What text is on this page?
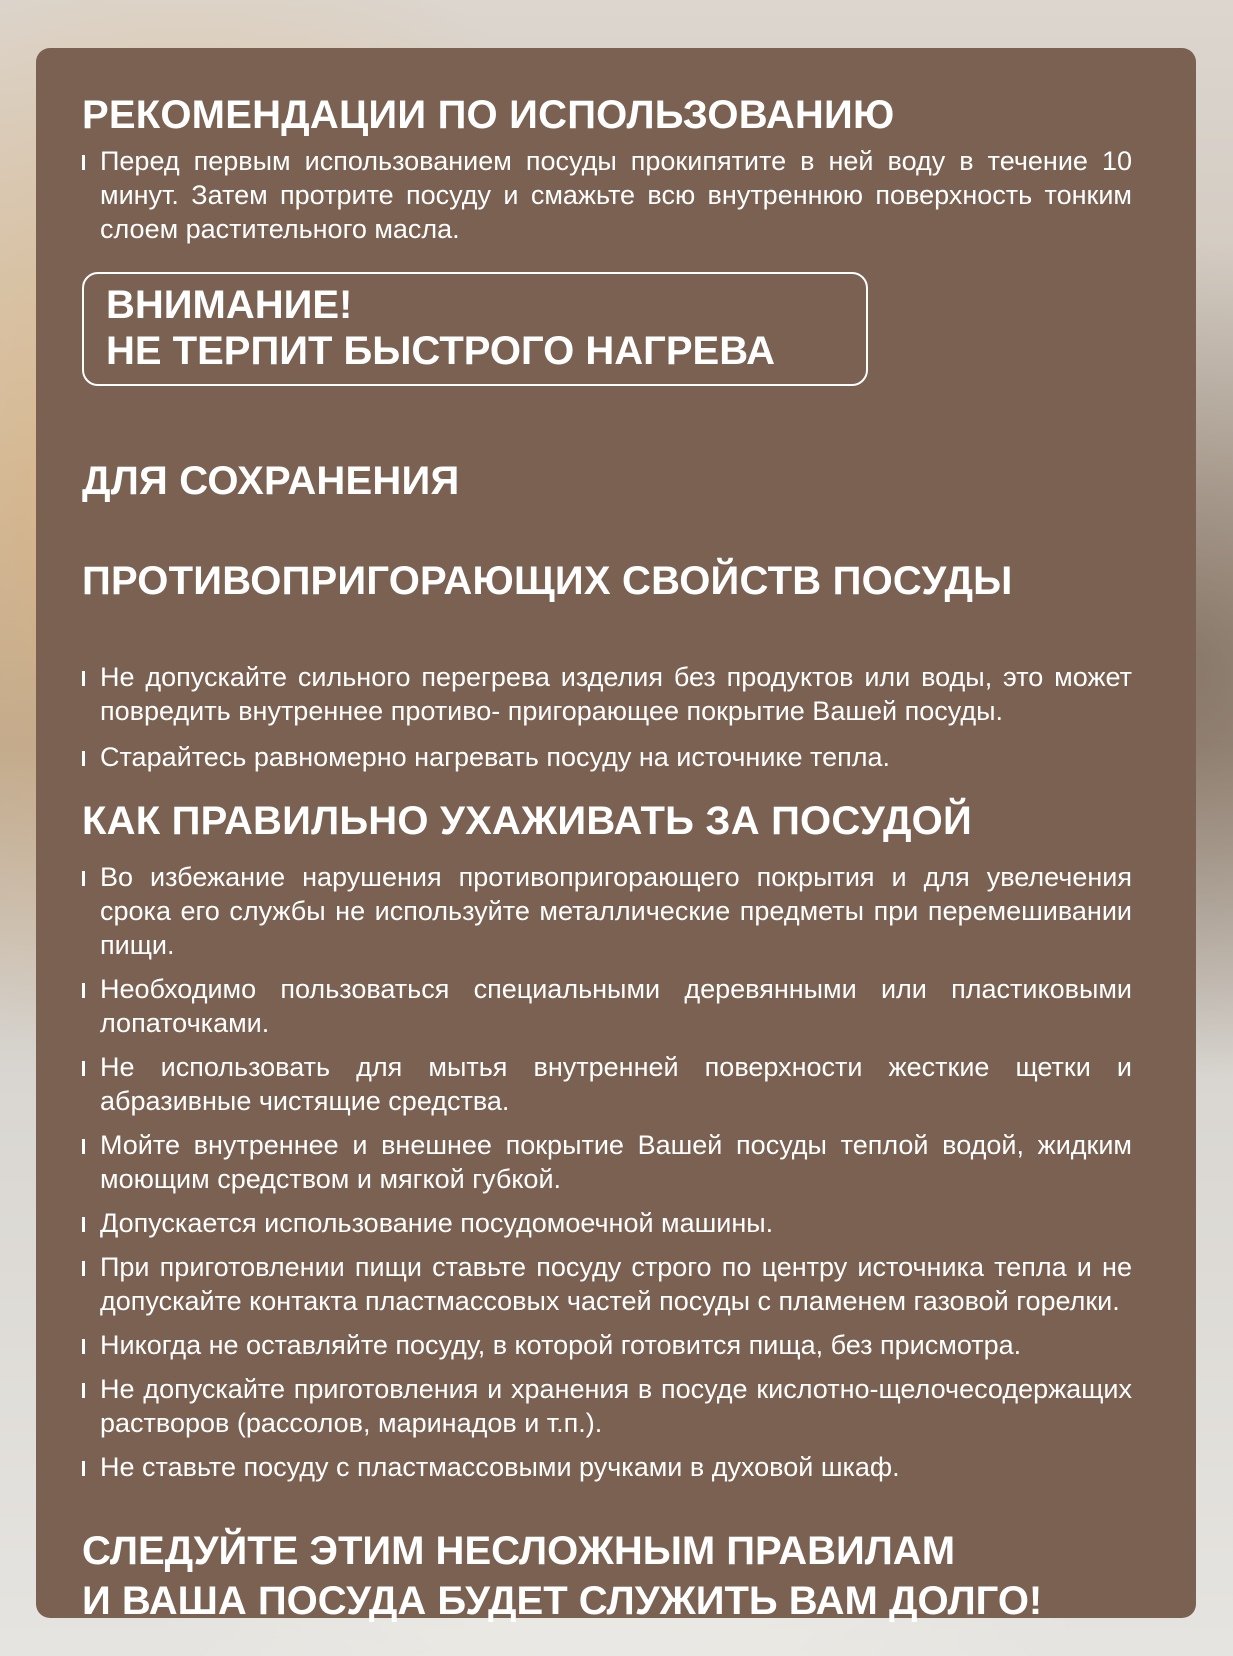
РЕКОМЕНДАЦИИ ПО ИСПОЛЬЗОВАНИЮ
Перед первым использованием посуды прокипятите в ней воду в течение 10 минут. Затем протрите посуду и смажьте всю внутреннюю поверхность тонким слоем растительного масла.
ВНИМАНИЕ!
НЕ ТЕРПИТ БЫСТРОГО НАГРЕВА

ДЛЯ СОХРАНЕНИЯ

ПРОТИВОПРИГОРАЮЩИХ СВОЙСТВ ПОСУДЫ

Не допускайте сильного перегрева изделия без продуктов или воды, это может повредить внутреннее противо- пригорающее покрытие Вашей посуды.
Старайтесь равномерно нагревать посуду на источнике тепла.
КАК ПРАВИЛЬНО УХАЖИВАТЬ ЗА ПОСУДОЙ
Во избежание нарушения противопригорающего покрытия и для увелечения срока его службы не используйте металлические предметы при перемешивании пищи.
Необходимо пользоваться специальными деревянными или пластиковыми лопаточками.
Не использовать для мытья внутренней поверхности жесткие щетки и абразивные чистящие средства.
Мойте внутреннее и внешнее покрытие Вашей посуды теплой водой, жидким моющим средством и мягкой губкой.
Допускается использование посудомоечной машины.
При приготовлении пищи ставьте посуду строго по центру источника тепла и не допускайте контакта пластмассовых частей посуды с пламенем газовой горелки.
Никогда не оставляйте посуду, в которой готовится пища, без присмотра.
Не допускайте приготовления и хранения в посуде кислотно-щелочесодержащих растворов (рассолов, маринадов и т.п.).
Не ставьте посуду с пластмассовыми ручками в духовой шкаф.
СЛЕДУЙТЕ ЭТИМ НЕСЛОЖНЫМ ПРАВИЛАМ
И ВАША ПОСУДА БУДЕТ СЛУЖИТЬ ВАМ ДОЛГО!
